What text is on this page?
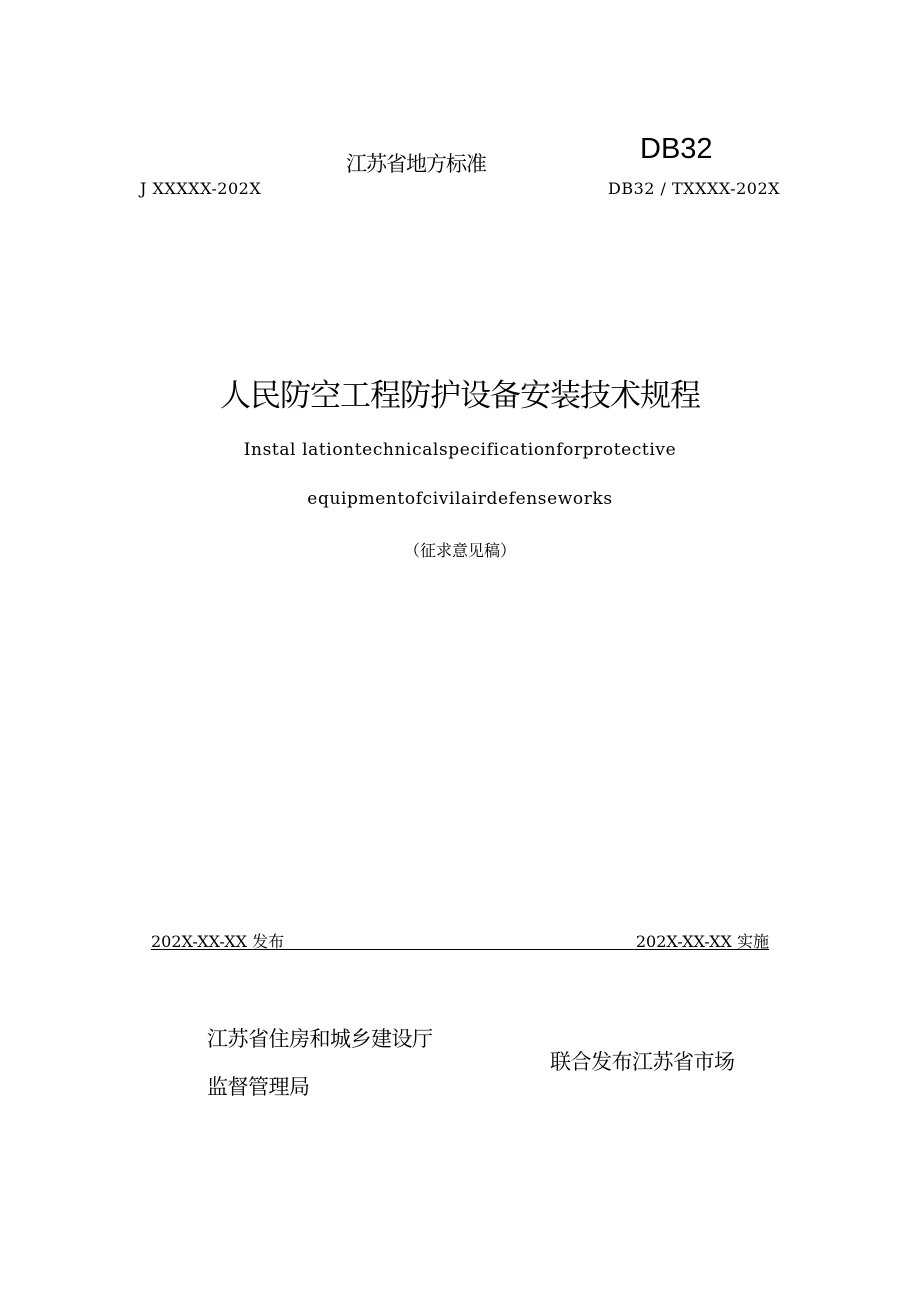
江苏省地方标准	DB32
J XXXXX-202X	DB32 / TXXXX-202X
人民防空工程防护设备安装技术规程
Instal lationtechnicalspecificationforprotective
equipmentofcivilairdefenseworks
（征求意见稿）
202X-XX-XX 发布	202X-XX-XX 实施
江苏省住房和城乡建设厅
监督管理局
联合发布江苏省市场
